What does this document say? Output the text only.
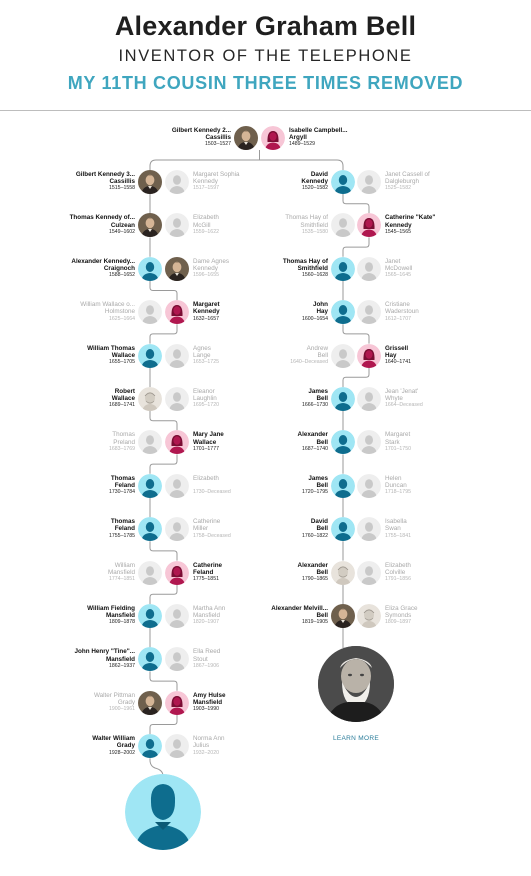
Alexander Graham Bell
INVENTOR OF THE TELEPHONE
MY 11TH COUSIN THREE TIMES REMOVED
Gilbert Kennedy 2...
Cassillis
1503–1527
Isabelle Campbell...
Argyll
1489–1529
Gilbert Kennedy 3...
Cassillis
1515–1558
Margaret Sophia
Kennedy
1517–1597
Thomas Kennedy of...
Culzean
1549–1602
Elizabeth
McGill
1559–1622
Alexander Kennedy...
Craignoch
1588–1652
Dame Agnes
Kennedy
1596–1655
William Wallace o...
Holmstone
1625–1664
Margaret
Kennedy
1632–1657
William Thomas
Wallace
1655–1705
Agnes
Lange
1653–1725
Robert
Wallace
1689–1741
Eleanor
Laughlin
1695–1720
Thomas
Preland
1683–1769
Mary Jane
Wallace
1701–1777
Thomas
Feland
1730–1784
Elizabeth

1730–Deceased
Thomas
Feland
1755–1785
Catherine
Miller
1758–Deceased
William
Mansfield
1774–1851
Catherine
Feland
1775–1851
William Fielding
Mansfield
1809–1878
Martha Ann
Mansfield
1820–1907
John Henry "Tine"...
Mansfield
1862–1937
Ella Reed
Stout
1867–1906
Walter Pittman
Grady
1900–1961
Amy Hulse
Mansfield
1903–1990
Walter William
Grady
1928–2002
Norma Ann
Julius
1932–2020
David
Kennedy
1520–1582
Janet Cassell of
Dalgleburgh
1525–1582
Thomas Hay of
Smithfield
1535–1580
Catherine "Kate"
Kennedy
1545–1565
Thomas Hay of
Smithfield
1560–1628
Janet
McDowell
1565–1645
John
Hay
1600–1654
Cristiane
Waderstoun
1612–1707
Andrew
Bell
1640–Deceased
Grissell
Hay
1640–1741
James
Bell
1666–1730
Jean 'Jenat'
Whyte
1664–Deceased
Alexander
Bell
1687–1740
Margaret
Stark
1701–1750
James
Bell
1720–1795
Helen
Duncan
1718–1795
David
Bell
1760–1822
Isabella
Swan
1755–1841
Alexander
Bell
1790–1865
Elizabeth
Colville
1791–1856
Alexander Melvill...
Bell
1819–1905
Eliza Grace
Symonds
1809–1897
LEARN MORE
